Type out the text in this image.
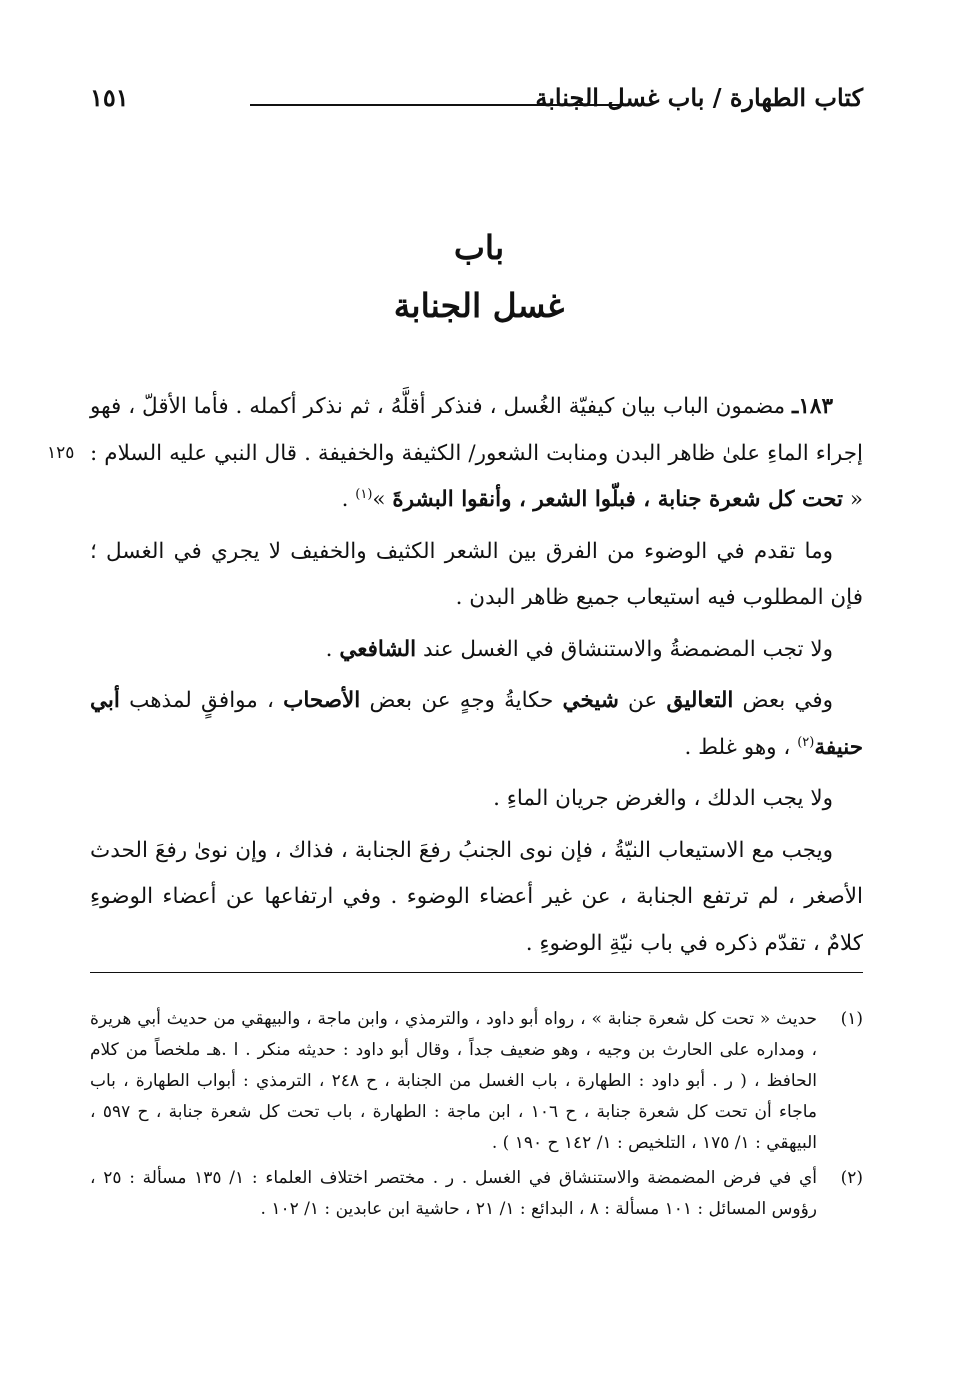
كتاب الطهارة / باب غسل الجنابة
١٥١
باب
غسل الجنابة
١٢٥

١٨٣ـ مضمون الباب بيان كيفيّة الغُسل ، فنذكر أقلَّهُ ، ثم نذكر أكمله . فأما الأقلّ ، فهو إجراء الماءِ علىٰ ظاهر البدن ومنابت الشعور/ الكثيفة والخفيفة . قال النبي عليه السلام : « تحت كل شعرة جنابة ، فبلّوا الشعر ، وأنقوا البشرةَ »$^{(١)}$ .

وما تقدم في الوضوء من الفرق بين الشعر الكثيف والخفيف لا يجري في الغسل ؛ فإن المطلوب فيه استيعاب جميع ظاهر البدن .

ولا تجب المضمضةُ والاستنشاق في الغسل عند الشافعي .

وفي بعض التعاليق عن شيخي حكايةُ وجهٍ عن بعض الأصحاب ، موافقٍ لمذهب أبي حنيفة$^{(٢)}$ ، وهو غلط .

ولا يجب الدلك ، والغرض جريان الماءِ .

ويجب مع الاستيعاب النيّةُ ، فإن نوى الجنبُ رفعَ الجنابة ، فذاك ، وإن نوىٰ رفعَ الحدث الأصغر ، لم ترتفع الجنابة ، عن غير أعضاء الوضوء . وفي ارتفاعها عن أعضاء الوضوءِ كلامٌ ، تقدّم ذكره في باب نيّةِ الوضوءِ .

(١)
حديث « تحت كل شعرة جنابة » ، رواه أبو داود ، والترمذي ، وابن ماجة ، والبيهقي من حديث أبي هريرة ، ومداره على الحارث بن وجيه ، وهو ضعيف جداً ، وقال أبو داود : حديثه منكر . ا .هـ ملخصاً من كلام الحافظ ، ( ر . أبو داود : الطهارة ، باب الغسل من الجنابة ، ح ٢٤٨ ، الترمذي : أبواب الطهارة ، باب ماجاء أن تحت كل شعرة جنابة ، ح ١٠٦ ، ابن ماجة : الطهارة ، باب تحت كل شعرة جنابة ، ح ٥٩٧ ، البيهقي : ١/ ١٧٥ ، التلخيص : ١/ ١٤٢ ح ١٩٠ ) .
(٢)
أي في فرض المضمضة والاستنشاق في الغسل . ر . مختصر اختلاف العلماء : ١/ ١٣٥ مسألة : ٢٥ ، رؤوس المسائل : ١٠١ مسألة : ٨ ، البدائع : ١/ ٢١ ، حاشية ابن عابدين : ١/ ١٠٢ .
